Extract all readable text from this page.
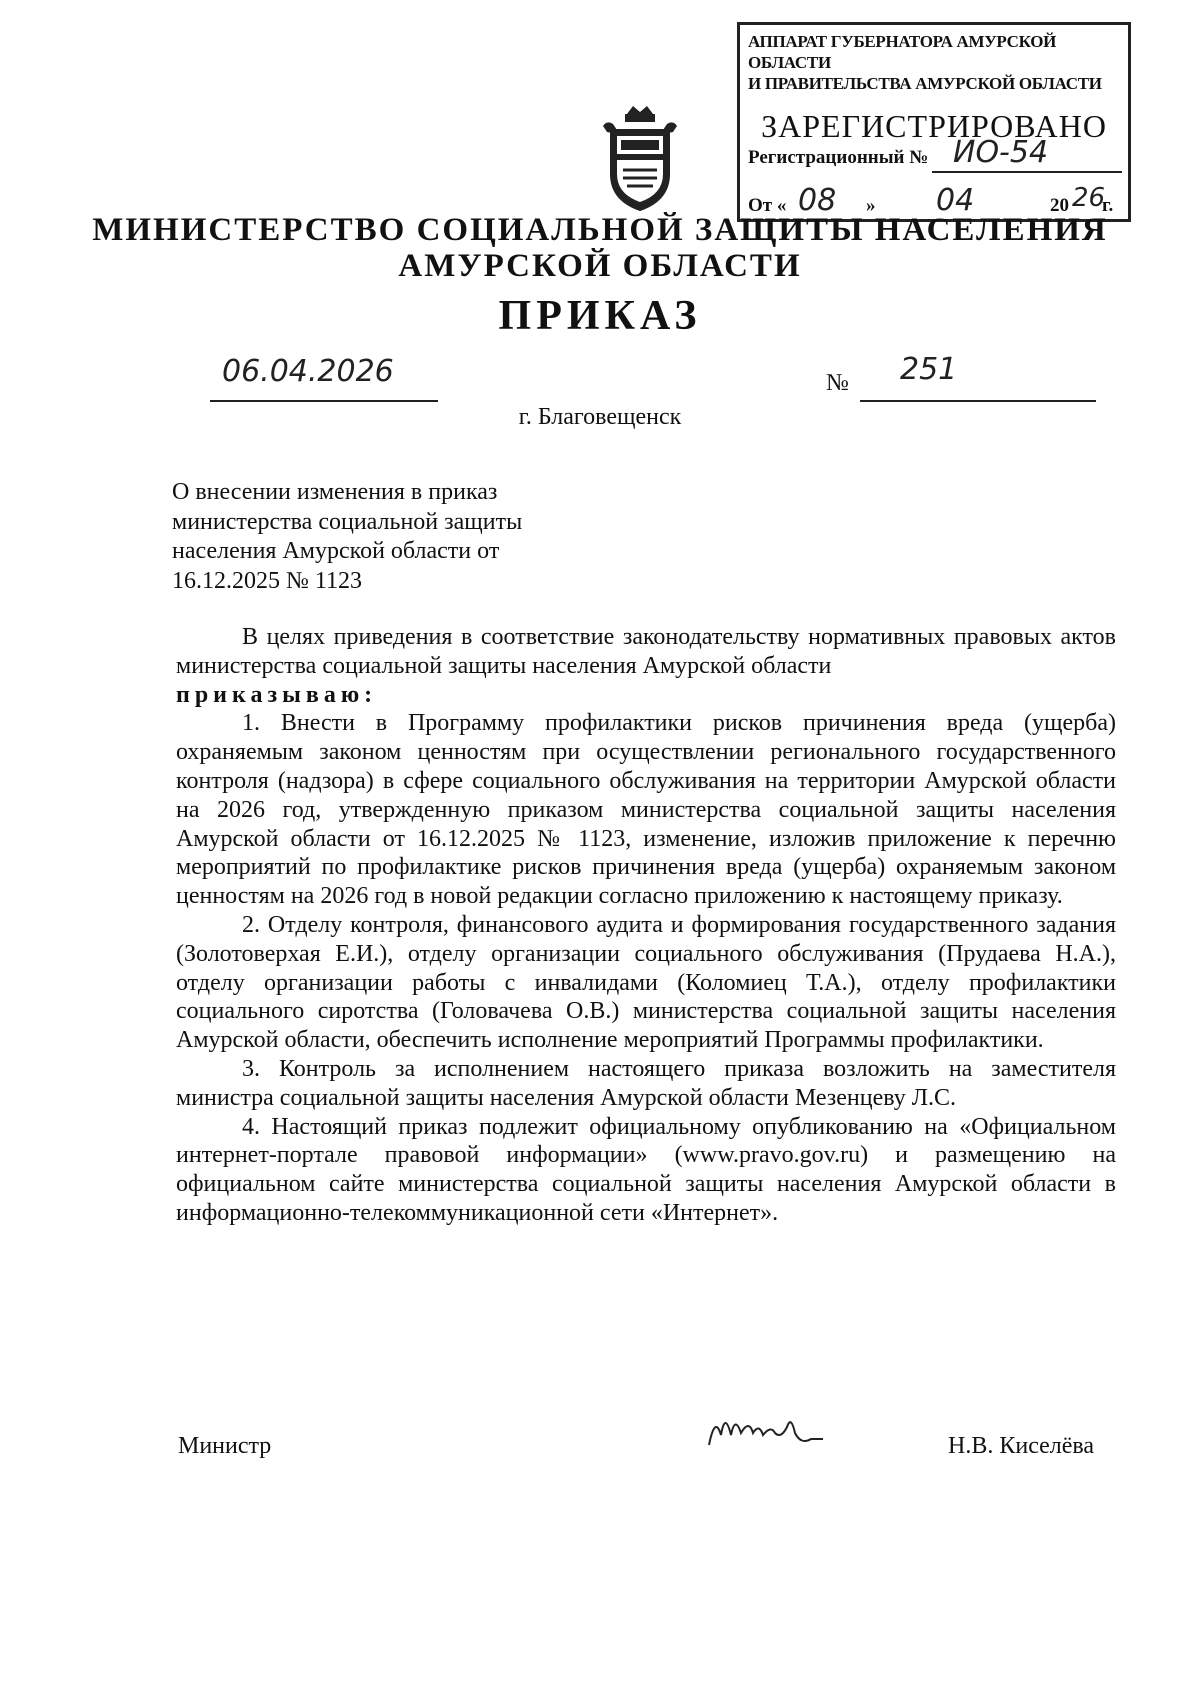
АППАРАТ ГУБЕРНАТОРА АМУРСКОЙ ОБЛАСТИ
И ПРАВИТЕЛЬСТВА АМУРСКОЙ ОБЛАСТИ
ЗАРЕГИСТРИРОВАНО
Регистрационный № ИО-54
От « 08 » 04	20 26
г.
МИНИСТЕРСТВО СОЦИАЛЬНОЙ ЗАЩИТЫ НАСЕЛЕНИЯ
АМУРСКОЙ ОБЛАСТИ
ПРИКАЗ
06.04.2026	№ 251
г. Благовещенск
О внесении изменения в приказ министерства социальной защиты населения Амурской области от 16.12.2025 № 1123

В целях приведения в соответствие законодательству нормативных правовых актов министерства социальной защиты населения Амурской области

приказываю:

1. Внести в Программу профилактики рисков причинения вреда (ущерба) охраняемым законом ценностям при осуществлении регионального государственного контроля (надзора) в сфере социального обслуживания на территории Амурской области на 2026 год, утвержденную приказом министерства социальной защиты населения Амурской области от 16.12.2025 № 1123, изменение, изложив приложение к перечню мероприятий по профилактике рисков причинения вреда (ущерба) охраняемым законом ценностям на 2026 год в новой редакции согласно приложению к настоящему приказу.

2. Отделу контроля, финансового аудита и формирования государственного задания (Золотоверхая Е.И.), отделу организации социального обслуживания (Прудаева Н.А.), отделу организации работы с инвалидами (Коломиец Т.А.), отделу профилактики социального сиротства (Головачева О.В.) министерства социальной защиты населения Амурской области, обеспечить исполнение мероприятий Программы профилактики.

3. Контроль за исполнением настоящего приказа возложить на заместителя министра социальной защиты населения Амурской области Мезенцеву Л.С.

4. Настоящий приказ подлежит официальному опубликованию на «Официальном интернет-портале правовой информации» (www.pravo.gov.ru) и размещению на официальном сайте министерства социальной защиты населения Амурской области в информационно-телекоммуникационной сети «Интернет».

Министр	Н.В. Киселёва
